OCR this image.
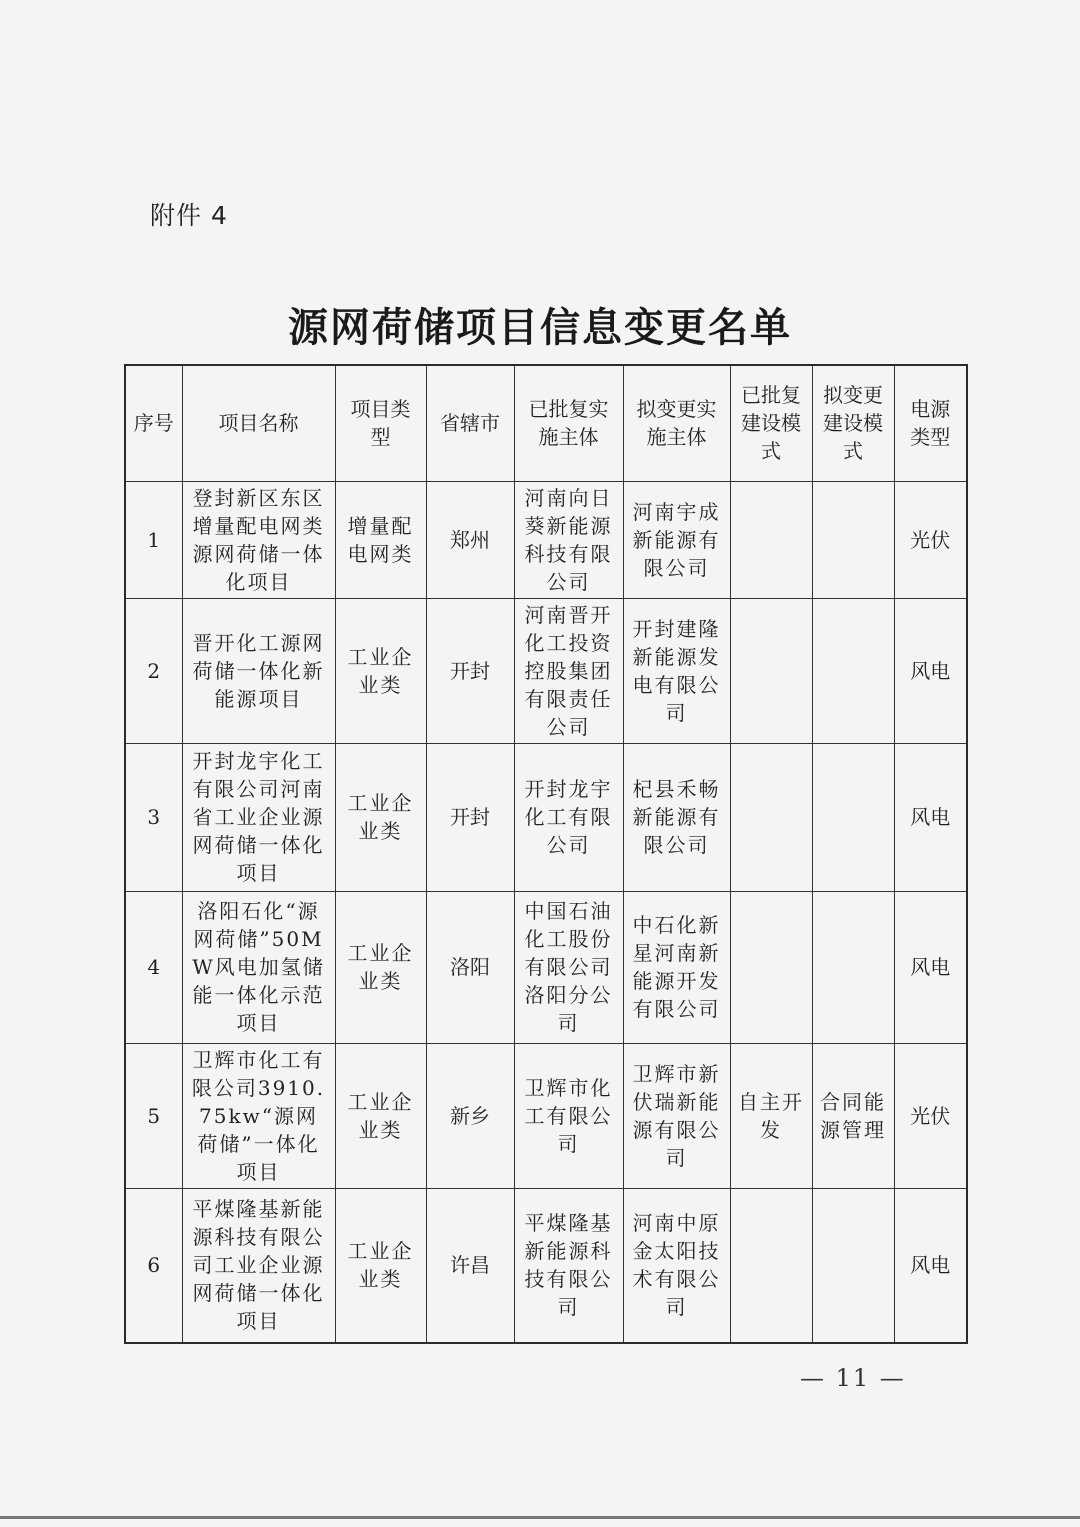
附件 4
源网荷储项目信息变更名单
序号	项目名称	项目类型	省辖市	已批复实施主体	拟变更实施主体	已批复建设模式	拟变更建设模式	电源类型
1	登封新区东区增量配电网类源网荷储一体化项目	增量配电网类	郑州	河南向日葵新能源科技有限公司	河南宇成新能源有限公司			光伏
2	晋开化工源网荷储一体化新能源项目	工业企业类	开封	河南晋开化工投资控股集团有限责任公司	开封建隆新能源发电有限公司			风电
3	开封龙宇化工有限公司河南省工业企业源网荷储一体化项目	工业企业类	开封	开封龙宇化工有限公司	杞县禾畅新能源有限公司			风电
4	洛阳石化“源网荷储”50MW风电加氢储能一体化示范项目	工业企业类	洛阳	中国石油化工股份有限公司洛阳分公司	中石化新星河南新能源开发有限公司			风电
5	卫辉市化工有限公司3910.75kw“源网荷储”一体化项目	工业企业类	新乡	卫辉市化工有限公司	卫辉市新伏瑞新能源有限公司	自主开发	合同能源管理	光伏
6	平煤隆基新能源科技有限公司工业企业源网荷储一体化项目	工业企业类	许昌	平煤隆基新能源科技有限公司	河南中原金太阳技术有限公司			风电
— 11 —
